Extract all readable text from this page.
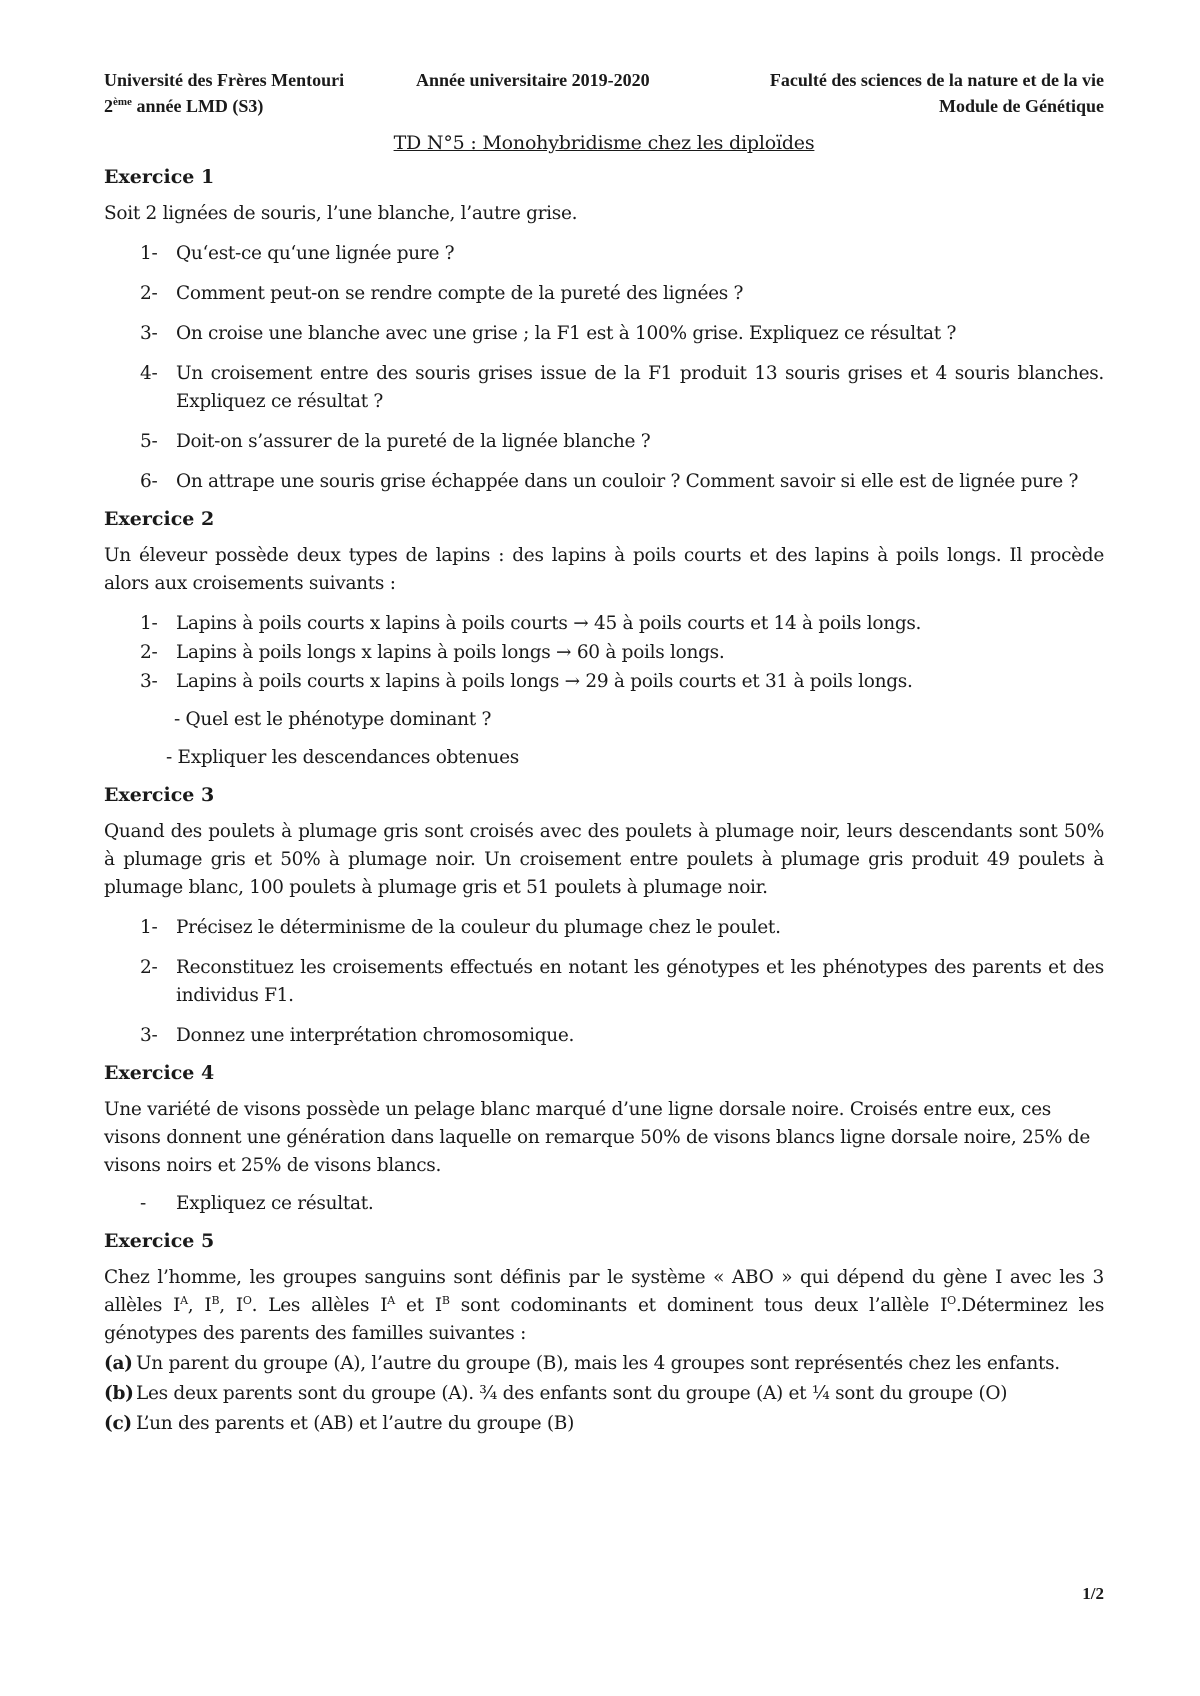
Université des Frères Mentouri	Année universitaire 2019-2020	Faculté des sciences de la nature et de la vie
2ème année LMD (S3)	Module de Génétique
TD N°5 : Monohybridisme chez les diploïdes
Exercice 1

Soit 2 lignées de souris, l’une blanche, l’autre grise.

1- Qu‘est-ce qu‘une lignée pure ?
2- Comment peut-on se rendre compte de la pureté des lignées ?
3- On croise une blanche avec une grise ; la F1 est à 100% grise. Expliquez ce résultat ?
4- Un croisement entre des souris grises issue de la F1 produit 13 souris grises et 4 souris blanches. Expliquez ce résultat ?
5- Doit-on s’assurer de la pureté de la lignée blanche ?
6- On attrape une souris grise échappée dans un couloir ? Comment savoir si elle est de lignée pure ?
Exercice 2

Un éleveur possède deux types de lapins : des lapins à poils courts et des lapins à poils longs. Il procède alors aux croisements suivants :

1- Lapins à poils courts x lapins à poils courts → 45 à poils courts et 14 à poils longs.
2- Lapins à poils longs x lapins à poils longs → 60 à poils longs.
3- Lapins à poils courts x lapins à poils longs → 29 à poils courts et 31 à poils longs.
- Quel est le phénotype dominant ?
- Expliquer les descendances obtenues
Exercice 3

Quand des poulets à plumage gris sont croisés avec des poulets à plumage noir, leurs descendants sont 50% à plumage gris et 50% à plumage noir. Un croisement entre poulets à plumage gris produit 49 poulets à plumage blanc, 100 poulets à plumage gris et 51 poulets à plumage noir.

1- Précisez le déterminisme de la couleur du plumage chez le poulet.
2- Reconstituez les croisements effectués en notant les génotypes et les phénotypes des parents et des individus F1.
3- Donnez une interprétation chromosomique.
Exercice 4

Une variété de visons possède un pelage blanc marqué d’une ligne dorsale noire. Croisés entre eux, ces visons donnent une génération dans laquelle on remarque 50% de visons blancs ligne dorsale noire, 25% de visons noirs et 25% de visons blancs.

- Expliquez ce résultat.
Exercice 5

Chez l’homme, les groupes sanguins sont définis par le système « ABO » qui dépend du gène I avec les 3 allèles $I^A$, $I^B$, $I^O$. Les allèles $I^A$ et $I^B$ sont codominants et dominent tous deux l’allèle $I^O.Déterminez$ les génotypes des parents des familles suivantes :

(a) Un parent du groupe (A), l’autre du groupe (B), mais les 4 groupes sont représentés chez les enfants.
(b) Les deux parents sont du groupe (A). ¾ des enfants sont du groupe (A) et ¼ sont du groupe (O)
(c) L’un des parents et (AB) et l’autre du groupe (B)
1/2
